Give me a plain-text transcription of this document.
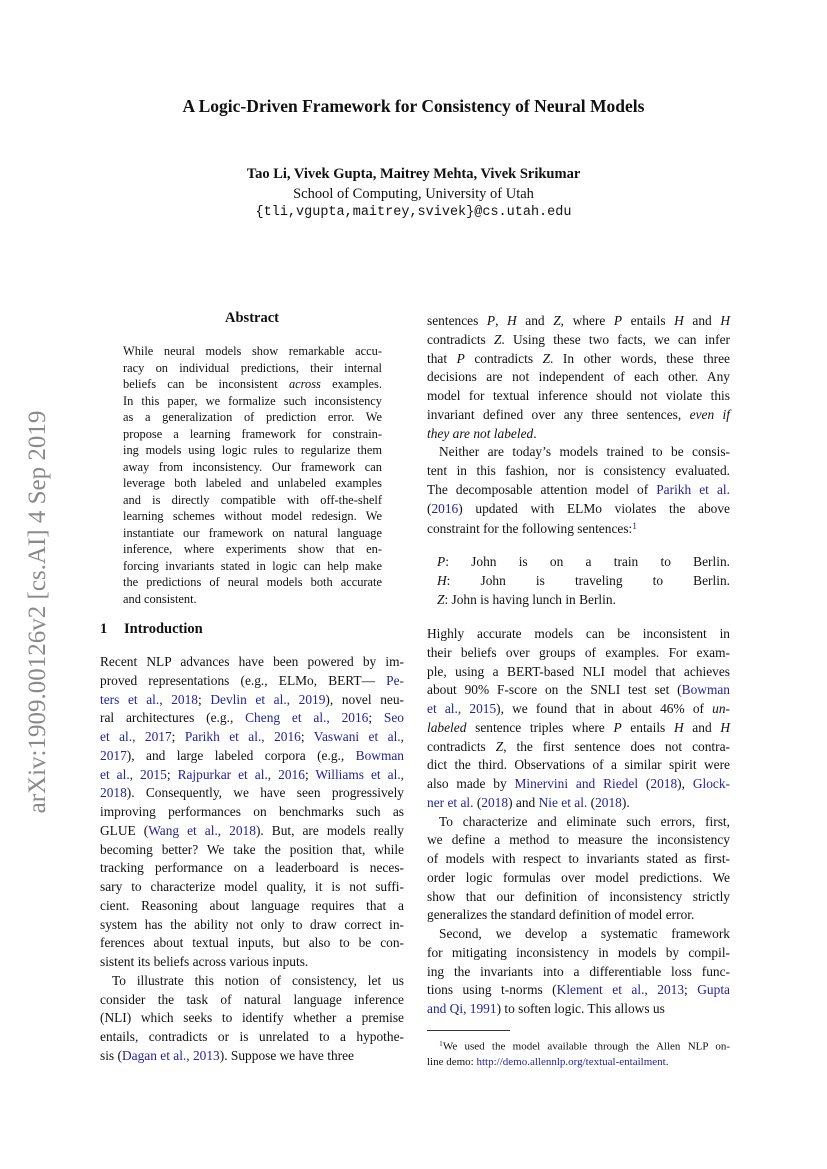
A Logic-Driven Framework for Consistency of Neural Models
Tao Li, Vivek Gupta, Maitrey Mehta, Vivek Srikumar
School of Computing, University of Utah
{tli,vgupta,maitrey,svivek}@cs.utah.edu
arXiv:1909.00126v2 [cs.AI] 4 Sep 2019
Abstract
While neural models show remarkable accu-
racy on individual predictions, their internal
beliefs can be inconsistent across examples.
In this paper, we formalize such inconsistency
as a generalization of prediction error. We
propose a learning framework for constrain-
ing models using logic rules to regularize them
away from inconsistency. Our framework can
leverage both labeled and unlabeled examples
and is directly compatible with off-the-shelf
learning schemes without model redesign. We
instantiate our framework on natural language
inference, where experiments show that en-
forcing invariants stated in logic can help make
the predictions of neural models both accurate
and consistent.
1 Introduction
Recent NLP advances have been powered by im-
proved representations (e.g., ELMo, BERT— Pe-
ters et al., 2018; Devlin et al., 2019), novel neu-
ral architectures (e.g., Cheng et al., 2016; Seo
et al., 2017; Parikh et al., 2016; Vaswani et al.,
2017), and large labeled corpora (e.g., Bowman
et al., 2015; Rajpurkar et al., 2016; Williams et al.,
2018). Consequently, we have seen progressively
improving performances on benchmarks such as
GLUE (Wang et al., 2018). But, are models really
becoming better? We take the position that, while
tracking performance on a leaderboard is neces-
sary to characterize model quality, it is not suffi-
cient. Reasoning about language requires that a
system has the ability not only to draw correct in-
ferences about textual inputs, but also to be con-
sistent its beliefs across various inputs.
To illustrate this notion of consistency, let us
consider the task of natural language inference
(NLI) which seeks to identify whether a premise
entails, contradicts or is unrelated to a hypothe-
sis (Dagan et al., 2013). Suppose we have three
sentences P, H and Z, where P entails H and H
contradicts Z. Using these two facts, we can infer
that P contradicts Z. In other words, these three
decisions are not independent of each other. Any
model for textual inference should not violate this
invariant defined over any three sentences, even if
they are not labeled.
Neither are today’s models trained to be consis-
tent in this fashion, nor is consistency evaluated.
The decomposable attention model of Parikh et al.
(2016) updated with ELMo violates the above
constraint for the following sentences:$^1$
P: John is on a train to Berlin.
H: John is traveling to Berlin.
Z: John is having lunch in Berlin.
Highly accurate models can be inconsistent in
their beliefs over groups of examples. For exam-
ple, using a BERT-based NLI model that achieves
about 90% F-score on the SNLI test set (Bowman
et al., 2015), we found that in about 46% of un-
labeled sentence triples where P entails H and H
contradicts Z, the first sentence does not contra-
dict the third. Observations of a similar spirit were
also made by Minervini and Riedel (2018), Glock-
ner et al. (2018) and Nie et al. (2018).
To characterize and eliminate such errors, first,
we define a method to measure the inconsistency
of models with respect to invariants stated as first-
order logic formulas over model predictions. We
show that our definition of inconsistency strictly
generalizes the standard definition of model error.
Second, we develop a systematic framework
for mitigating inconsistency in models by compil-
ing the invariants into a differentiable loss func-
tions using t-norms (Klement et al., 2013; Gupta
and Qi, 1991) to soften logic. This allows us
$^1$We used the model available through the Allen NLP on-
line demo: http://demo.allennlp.org/textual-entailment.
